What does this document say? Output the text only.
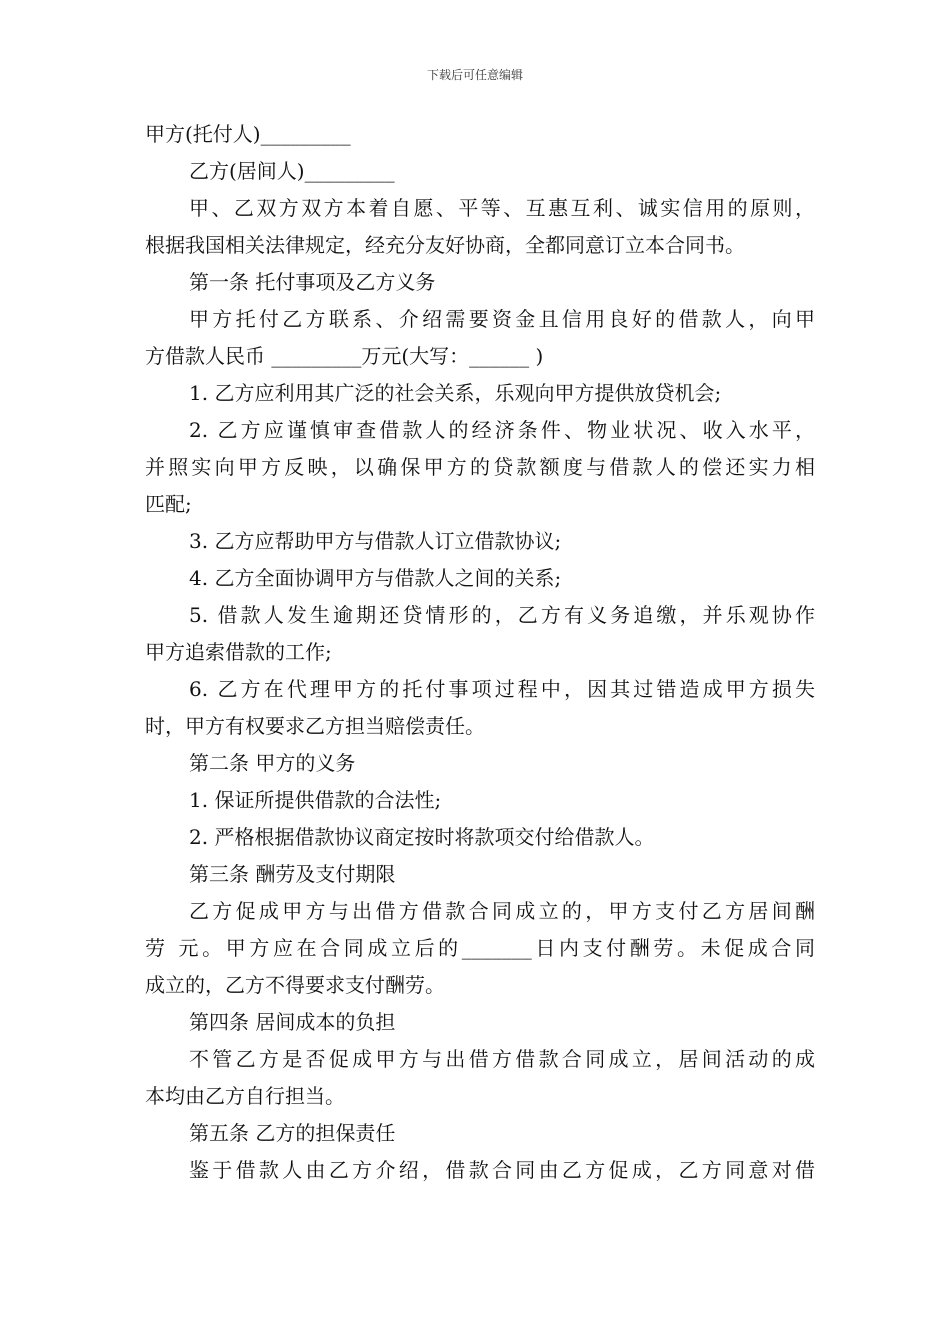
下载后可任意编辑
甲方(托付人)_________
乙方(居间人)_________
甲、乙双方双方本着自愿、平等、互惠互利、诚实信用的原则，
根据我国相关法律规定，经充分友好协商，全都同意订立本合同书。
第一条 托付事项及乙方义务
甲方托付乙方联系、介绍需要资金且信用良好的借款人，向甲
方借款人民币 _________万元(大写：______ )
1. 乙方应利用其广泛的社会关系，乐观向甲方提供放贷机会;
2. 乙方应谨慎审查借款人的经济条件、物业状况、收入水平，
并照实向甲方反映，以确保甲方的贷款额度与借款人的偿还实力相
匹配;
3. 乙方应帮助甲方与借款人订立借款协议;
4. 乙方全面协调甲方与借款人之间的关系;
5. 借款人发生逾期还贷情形的，乙方有义务追缴，并乐观协作
甲方追索借款的工作;
6. 乙方在代理甲方的托付事项过程中，因其过错造成甲方损失
时，甲方有权要求乙方担当赔偿责任。
第二条 甲方的义务
1. 保证所提供借款的合法性;
2. 严格根据借款协议商定按时将款项交付给借款人。
第三条 酬劳及支付期限
乙方促成甲方与出借方借款合同成立的，甲方支付乙方居间酬
劳 元。甲方应在合同成立后的_______日内支付酬劳。未促成合同
成立的，乙方不得要求支付酬劳。
第四条 居间成本的负担
不管乙方是否促成甲方与出借方借款合同成立，居间活动的成
本均由乙方自行担当。
第五条 乙方的担保责任
鉴于借款人由乙方介绍，借款合同由乙方促成，乙方同意对借
